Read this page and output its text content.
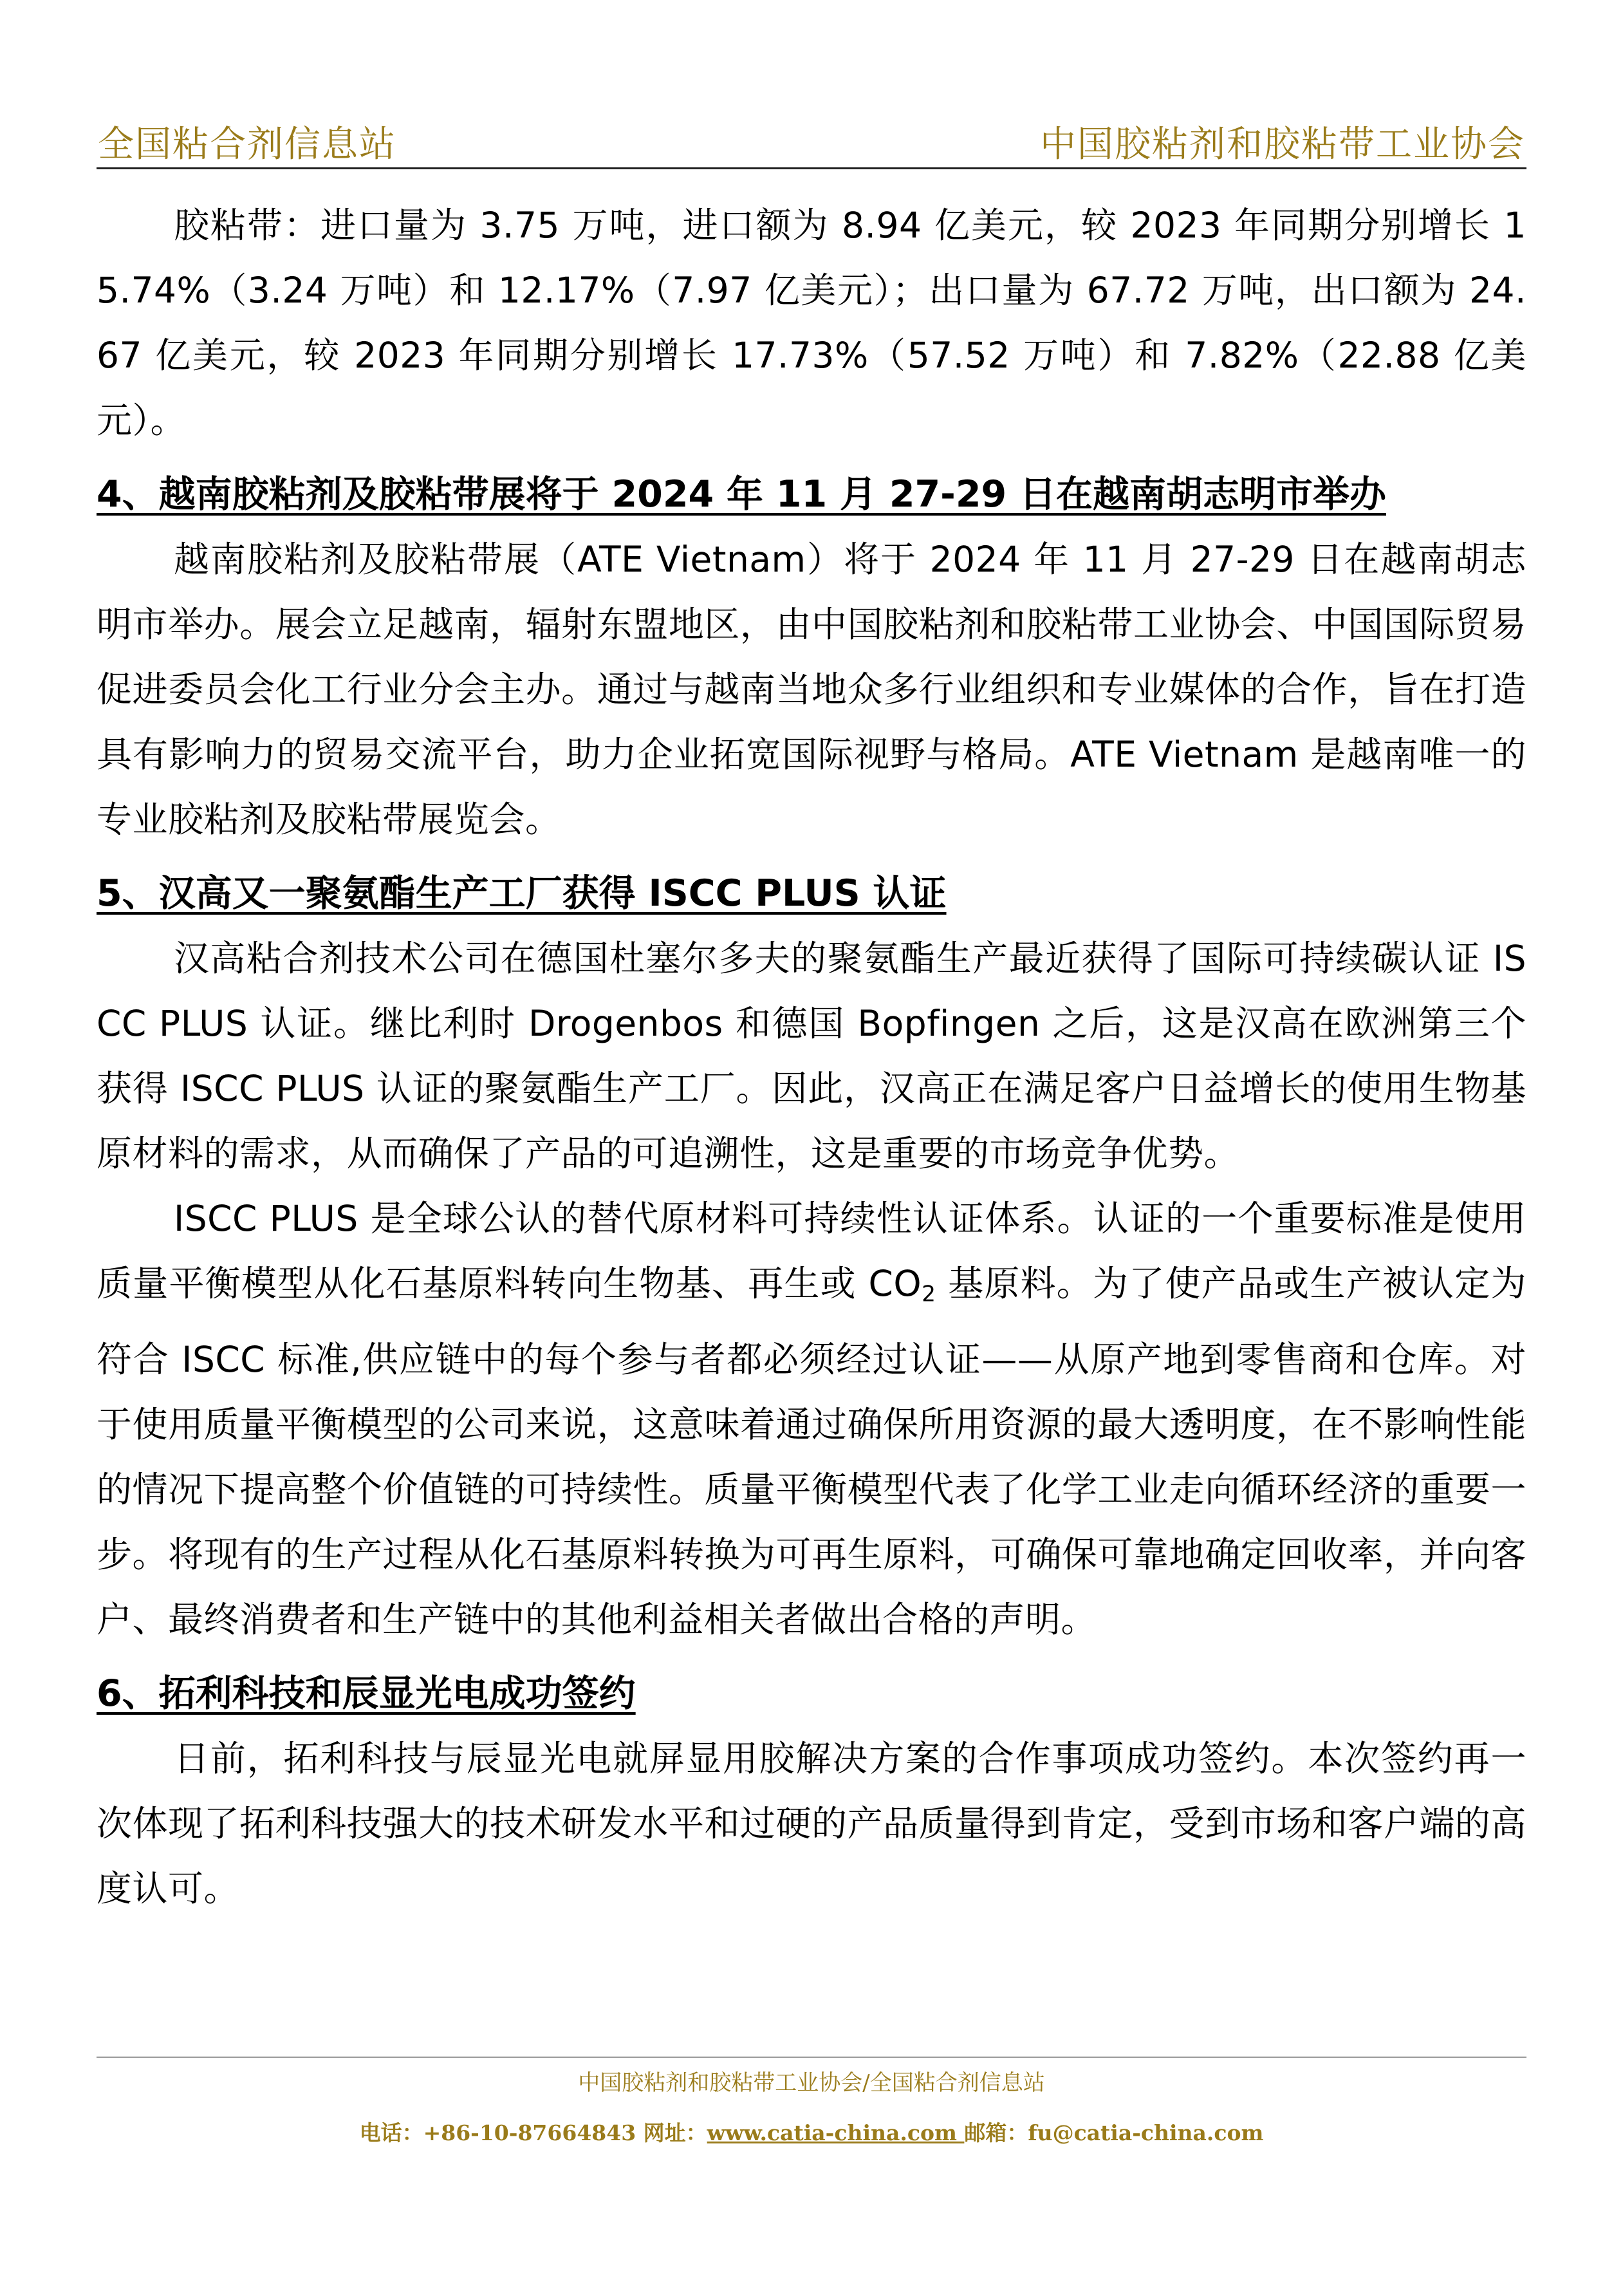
全国粘合剂信息站	中国胶粘剂和胶粘带工业协会

胶粘带：进口量为 3.75 万吨，进口额为 8.94 亿美元，较 2023 年同期分别增长 15.74%（3.24 万吨）和 12.17%（7.97 亿美元）；出口量为 67.72 万吨，出口额为 24.67 亿美元，较 2023 年同期分别增长 17.73%（57.52 万吨）和 7.82%（22.88 亿美元）。

4、越南胶粘剂及胶粘带展将于 2024 年 11 月 27-29 日在越南胡志明市举办

越南胶粘剂及胶粘带展（ATE Vietnam）将于 2024 年 11 月 27-29 日在越南胡志明市举办。展会立足越南，辐射东盟地区，由中国胶粘剂和胶粘带工业协会、中国国际贸易促进委员会化工行业分会主办。通过与越南当地众多行业组织和专业媒体的合作，旨在打造具有影响力的贸易交流平台，助力企业拓宽国际视野与格局。ATE Vietnam 是越南唯一的专业胶粘剂及胶粘带展览会。

5、汉高又一聚氨酯生产工厂获得 ISCC PLUS 认证

汉高粘合剂技术公司在德国杜塞尔多夫的聚氨酯生产最近获得了国际可持续碳认证 ISCC PLUS 认证。继比利时 Drogenbos 和德国 Bopfingen 之后，这是汉高在欧洲第三个获得 ISCC PLUS 认证的聚氨酯生产工厂。因此，汉高正在满足客户日益增长的使用生物基原材料的需求，从而确保了产品的可追溯性，这是重要的市场竞争优势。

ISCC PLUS 是全球公认的替代原材料可持续性认证体系。认证的一个重要标准是使用质量平衡模型从化石基原料转向生物基、再生或 $CO_2$ 基原料。为了使产品或生产被认定为符合 ISCC 标准,供应链中的每个参与者都必须经过认证——从原产地到零售商和仓库。对于使用质量平衡模型的公司来说，这意味着通过确保所用资源的最大透明度，在不影响性能的情况下提高整个价值链的可持续性。质量平衡模型代表了化学工业走向循环经济的重要一步。将现有的生产过程从化石基原料转换为可再生原料，可确保可靠地确定回收率，并向客户、最终消费者和生产链中的其他利益相关者做出合格的声明。

6、拓利科技和辰显光电成功签约

日前，拓利科技与辰显光电就屏显用胶解决方案的合作事项成功签约。本次签约再一次体现了拓利科技强大的技术研发水平和过硬的产品质量得到肯定，受到市场和客户端的高度认可。

中国胶粘剂和胶粘带工业协会/全国粘合剂信息站
电话：+86-10-87664843 网址：www.catia-china.com 邮箱：fu@catia-china.com
